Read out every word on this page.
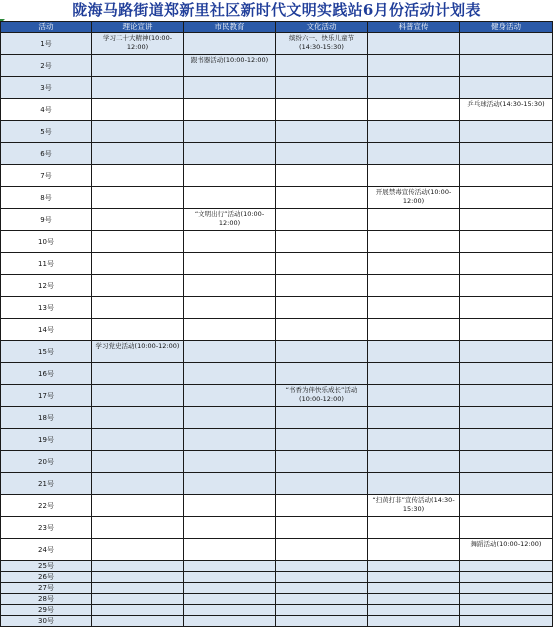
陇海马路街道郑新里社区新时代文明实践站6月份活动计划表
活动	理论宣讲	市民教育	文化活动	科普宣传	健身活动
1号	学习二十大精神(10:00-12:00)		缤纷六一、快乐儿童节(14:30-15:30)		
2号		跟书器活动(10:00-12:00)			
3号					
4号					乒乓球活动(14:30-15:30)
5号					
6号					
7号					
8号				开展禁毒宣传活动(10:00-12:00)	
9号		“文明出行”活动(10:00-12:00)			
10号					
11号					
12号					
13号					
14号					
15号	学习党史活动(10:00-12:00)				
16号					
17号			“书香为伴快乐成长”活动(10:00-12:00)		
18号					
19号					
20号					
21号					
22号				“扫黄打非”宣传活动(14:30-15:30)	
23号					
24号					舞蹈活动(10:00-12:00)
25号					
26号					
27号					
28号					
29号					
30号					
